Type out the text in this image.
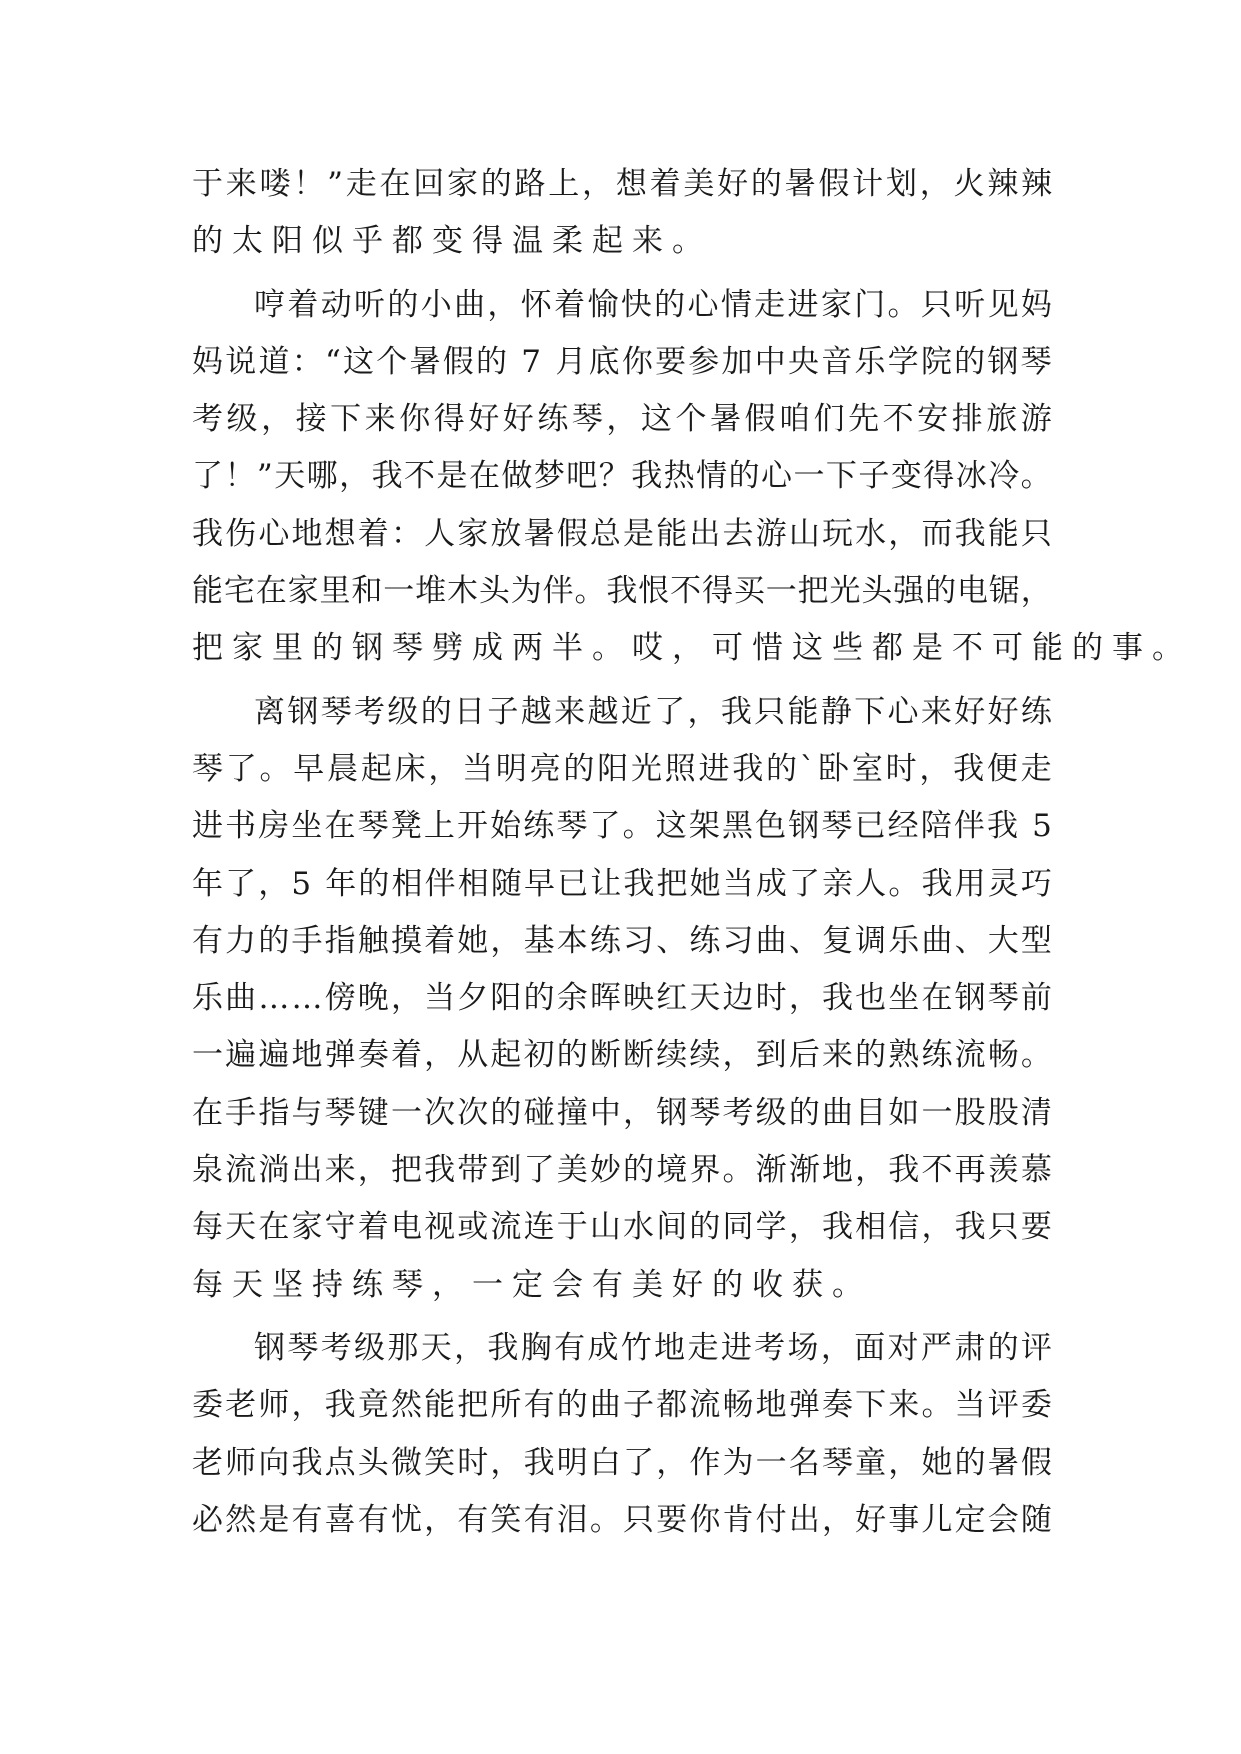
于 来 喽 ！ ” 走 在 回 家 的 路 上 ， 想 着 美 好 的 暑 假 计 划 ， 火 辣 辣
的太阳似乎都变得温柔起来。
哼 着 动 听 的 小 曲 ， 怀 着 愉 快 的 心 情 走 进 家 门 。 只 听 见 妈
妈 说 道 ： “ 这 个 暑 假 的
7
月 底 你 要 参 加 中 央 音 乐 学 院 的 钢 琴
考 级 ， 接 下 来 你 得 好 好 练 琴 ， 这 个 暑 假 咱 们 先 不 安 排 旅 游
了 ！ ” 天 哪 ， 我 不 是 在 做 梦 吧 ？ 我 热 情 的 心 一 下 子 变 得 冰 冷 。
我 伤 心 地 想 着 ： 人 家 放 暑 假 总 是 能 出 去 游 山 玩 水 ， 而 我 能 只
能 宅 在 家 里 和 一 堆 木 头 为 伴 。 我 恨 不 得 买 一 把 光 头 强 的 电 锯 ，
把家里的钢琴劈成两半。哎，可惜这些都是不可能的事。
离 钢 琴 考 级 的 日 子 越 来 越 近 了 ， 我 只 能 静 下 心 来 好 好 练
琴 了 。 早 晨 起 床 ， 当 明 亮 的 阳 光 照 进 我 的 ` 卧 室 时 ， 我 便 走
进 书 房 坐 在 琴 凳 上 开 始 练 琴 了 。 这 架 黑 色 钢 琴 已 经 陪 伴 我
5
年 了 ， 5
年 的 相 伴 相 随 早 已 让 我 把 她 当 成 了 亲 人 。 我 用 灵 巧
有 力 的 手 指 触 摸 着 她 ， 基 本 练 习 、 练 习 曲 、 复 调 乐 曲 、 大 型
乐 曲 … … 傍 晚 ， 当 夕 阳 的 余 晖 映 红 天 边 时 ， 我 也 坐 在 钢 琴 前
一 遍 遍 地 弹 奏 着 ， 从 起 初 的 断 断 续 续 ， 到 后 来 的 熟 练 流 畅 。
在 手 指 与 琴 键 一 次 次 的 碰 撞 中 ， 钢 琴 考 级 的 曲 目 如 一 股 股 清
泉 流 淌 出 来 ， 把 我 带 到 了 美 妙 的 境 界 。 渐 渐 地 ， 我 不 再 羡 慕
每 天 在 家 守 着 电 视 或 流 连 于 山 水 间 的 同 学 ， 我 相 信 ， 我 只 要
每天坚持练琴，一定会有美好的收获。
钢 琴 考 级 那 天 ， 我 胸 有 成 竹 地 走 进 考 场 ， 面 对 严 肃 的 评
委 老 师 ， 我 竟 然 能 把 所 有 的 曲 子 都 流 畅 地 弹 奏 下 来 。 当 评 委
老 师 向 我 点 头 微 笑 时 ， 我 明 白 了 ， 作 为 一 名 琴 童 ， 她 的 暑 假
必 然 是 有 喜 有 忧 ， 有 笑 有 泪 。 只 要 你 肯 付 出 ， 好 事 儿 定 会 随
